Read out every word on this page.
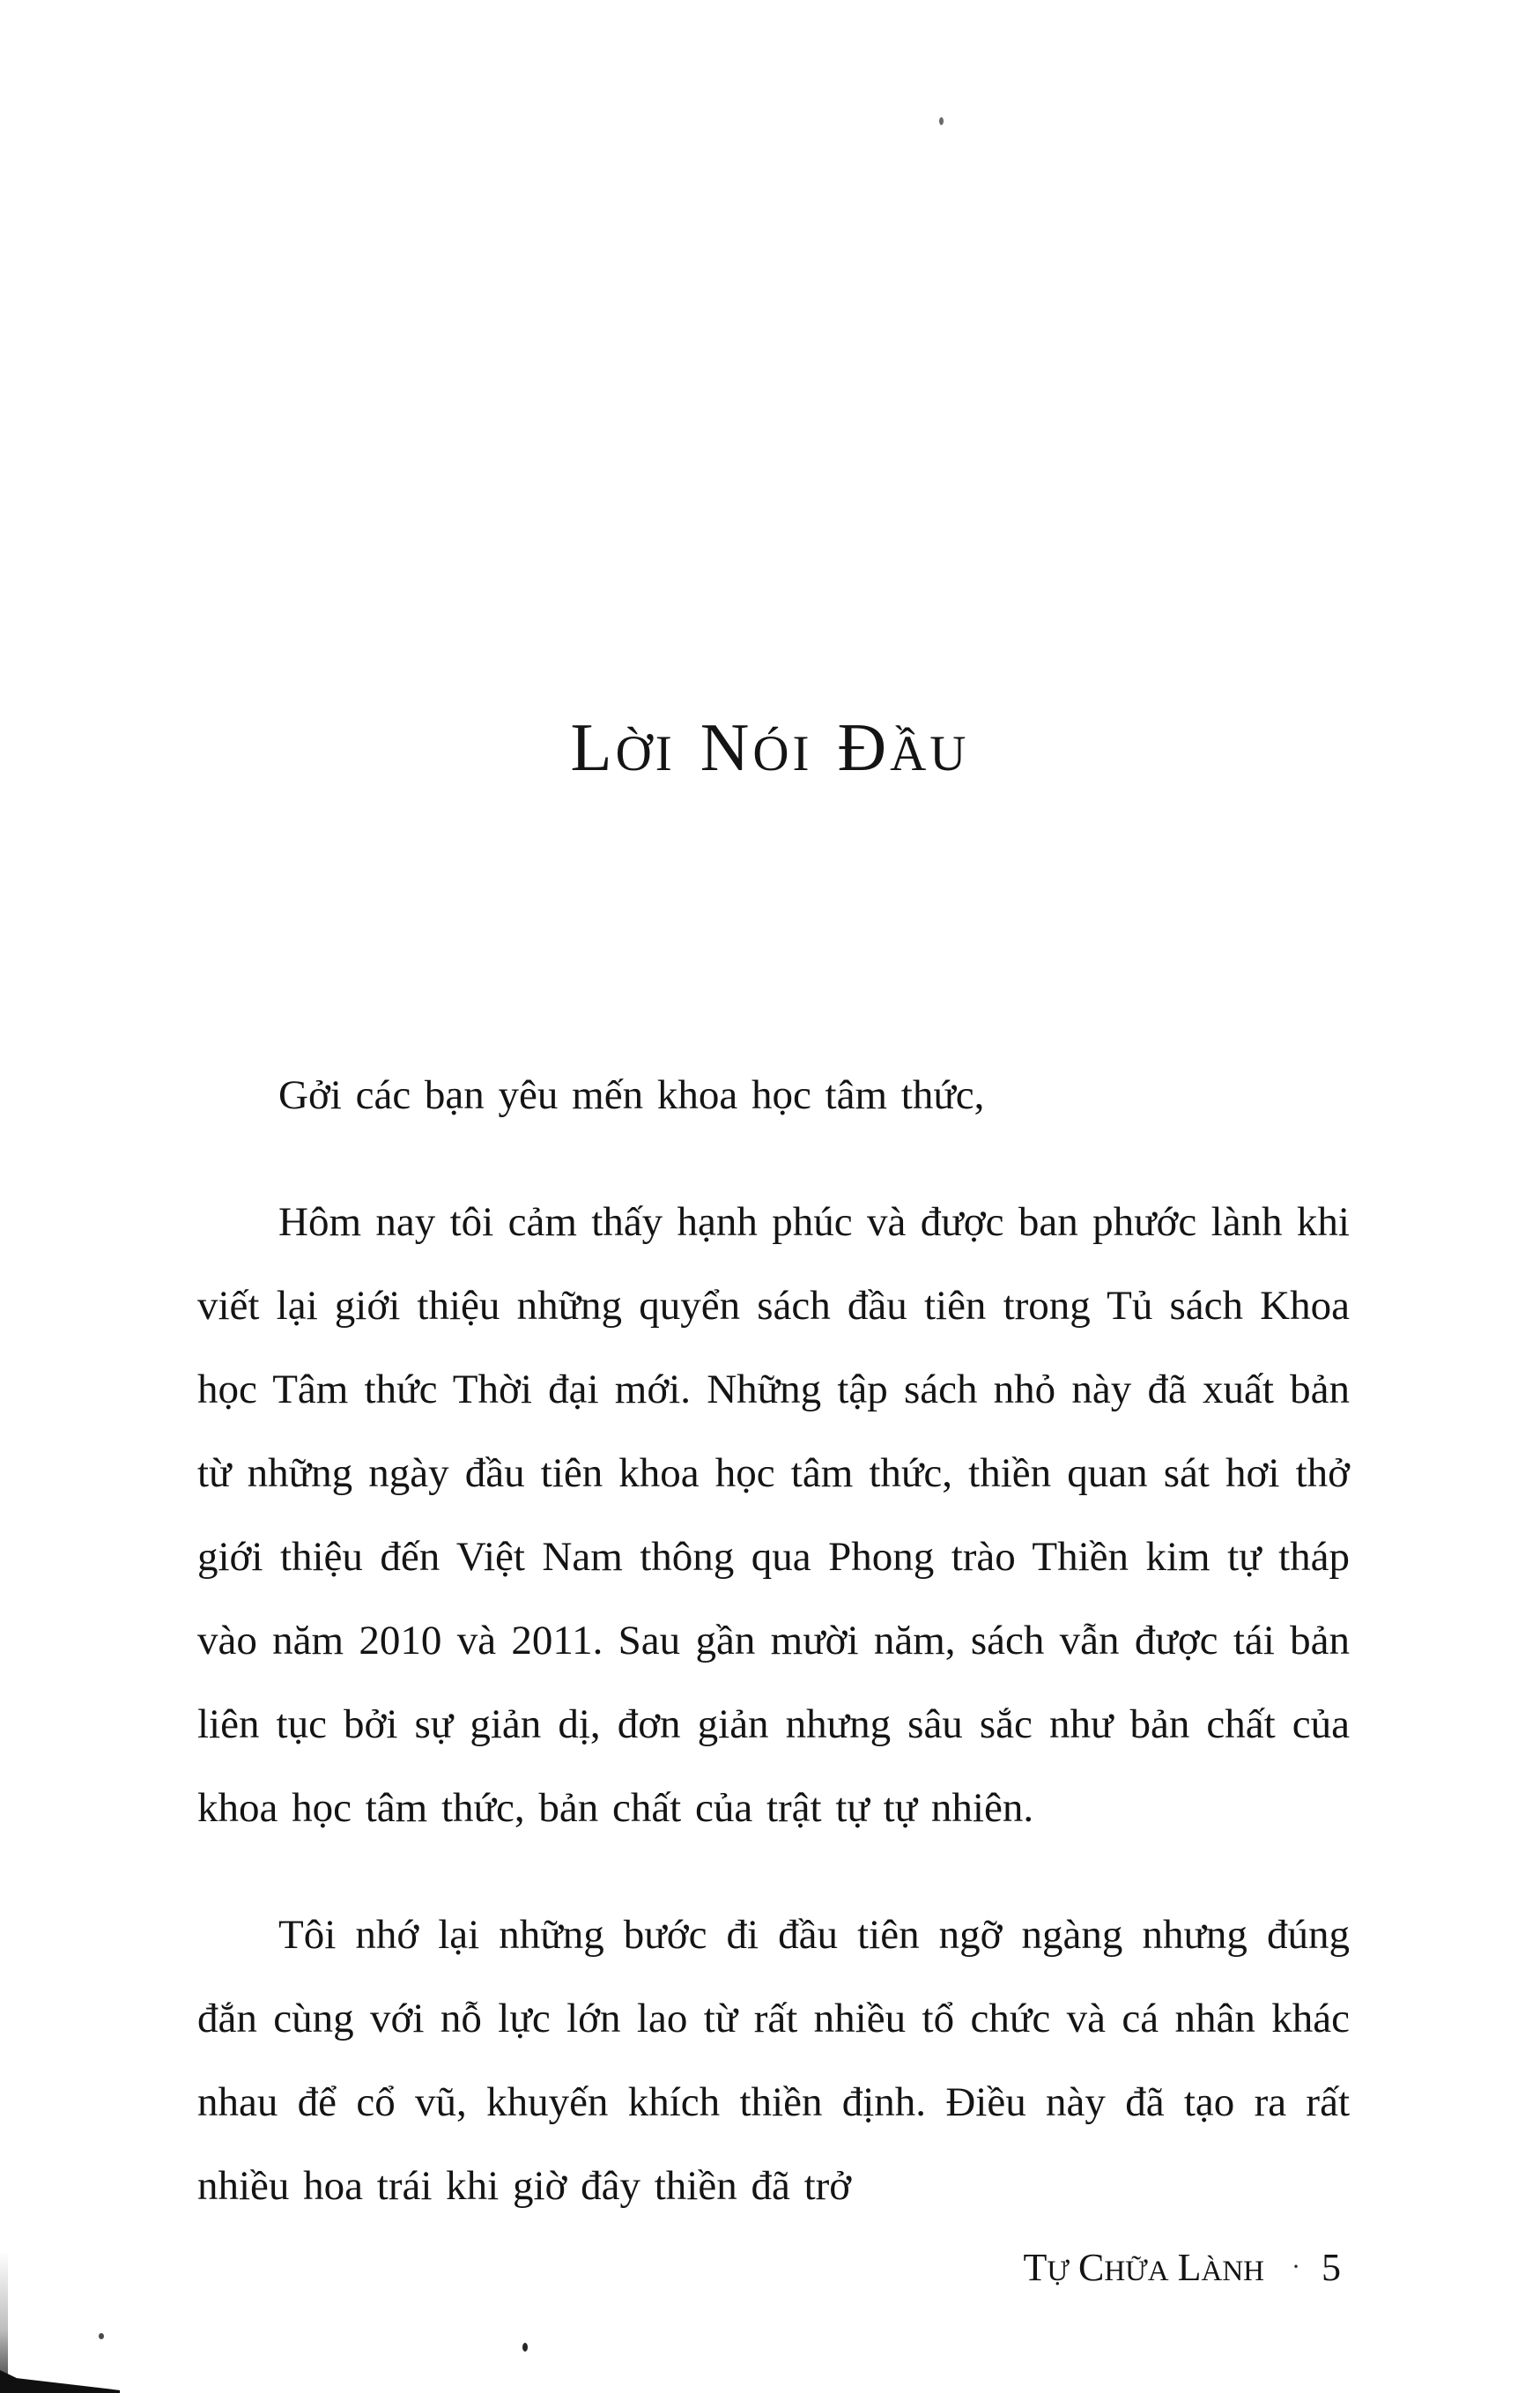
LỜI NÓI ĐẦU

Gởi các bạn yêu mến khoa học tâm thức,

Hôm nay tôi cảm thấy hạnh phúc và được ban phước lành khi viết lại giới thiệu những quyển sách đầu tiên trong Tủ sách Khoa học Tâm thức Thời đại mới. Những tập sách nhỏ này đã xuất bản từ những ngày đầu tiên khoa học tâm thức, thiền quan sát hơi thở giới thiệu đến Việt Nam thông qua Phong trào Thiền kim tự tháp vào năm 2010 và 2011. Sau gần mười năm, sách vẫn được tái bản liên tục bởi sự giản dị, đơn giản nhưng sâu sắc như bản chất của khoa học tâm thức, bản chất của trật tự tự nhiên.

Tôi nhớ lại những bước đi đầu tiên ngỡ ngàng nhưng đúng đắn cùng với nỗ lực lớn lao từ rất nhiều tổ chức và cá nhân khác nhau để cổ vũ, khuyến khích thiền định. Điều này đã tạo ra rất nhiều hoa trái khi giờ đây thiền đã trở

TỰ CHỮA LÀNH · 5
